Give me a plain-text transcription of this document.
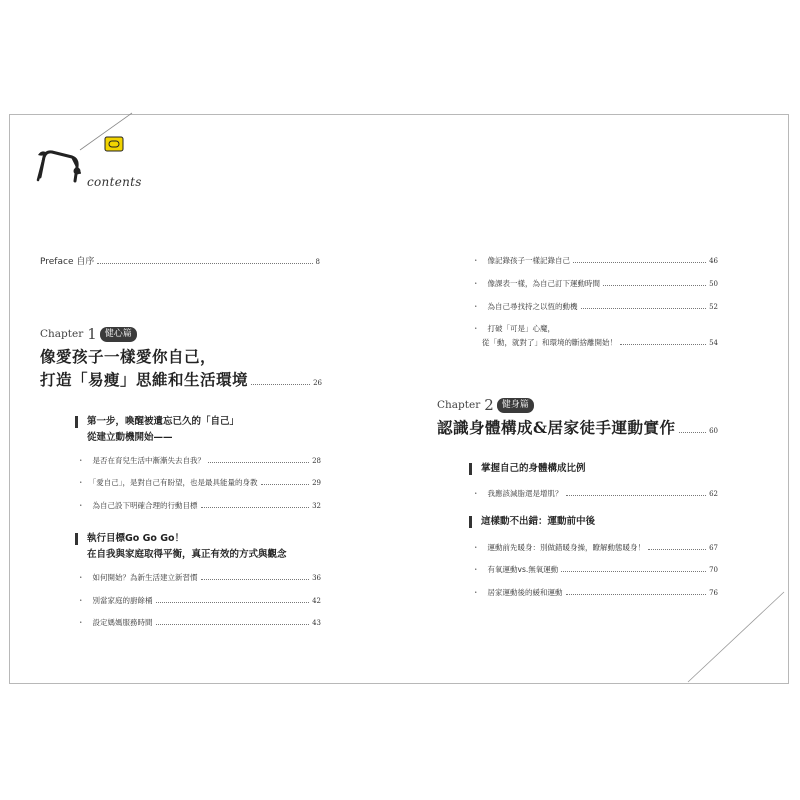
contents
Preface 自序	8
Chapter 1 健心篇
像愛孩子一樣愛你自己，
打造「易瘦」思維和生活環境	26
第一步，喚醒被遺忘已久的「自己」
從建立動機開始——
・ 是否在育兒生活中漸漸失去自我？	28
・ 「愛自己」，是對自己有盼望，也是最具能量的身教	29
・ 為自己設下明確合理的行動目標	32
執行目標Go Go Go！
在自我與家庭取得平衡，真正有效的方式與觀念
・ 如何開始？為新生活建立新習慣	36
・ 別當家庭的廚餘桶	42
・ 設定媽媽服務時間	43
・ 像記錄孩子一樣記錄自己	46
・ 像課表一樣，為自己訂下運動時間	50
・ 為自己尋找持之以恆的動機	52
・ 打破「可是」心魔，
從「動，就對了」和環境的斷捨離開始！	54
Chapter 2 健身篇
認識身體構成&居家徒手運動實作	60
掌握自己的身體構成比例
・ 我應該減脂還是增肌？	62
這樣動不出錯：運動前中後
・ 運動前先暖身：別做錯暖身操，瞭解動態暖身！	67
・ 有氧運動vs.無氧運動	70
・ 居家運動後的緩和運動	76
